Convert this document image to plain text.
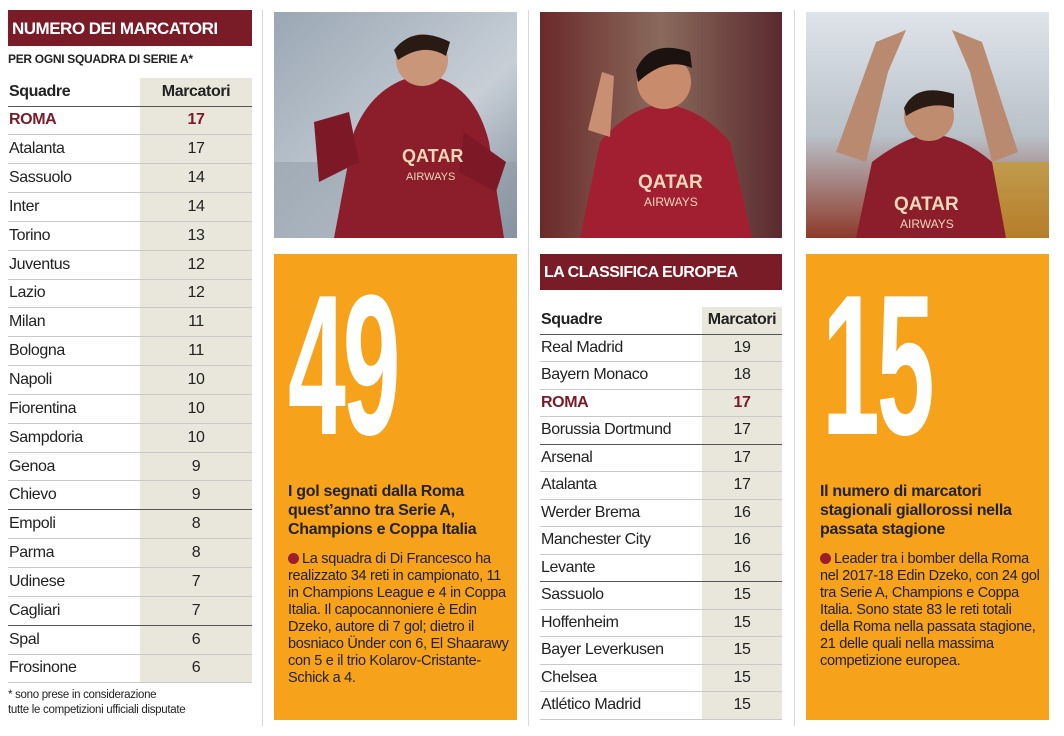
NUMERO DEI MARCATORI
PER OGNI SQUADRA DI SERIE A*
Squadre	Marcatori
ROMA	17
Atalanta	17
Sassuolo	14
Inter	14
Torino	13
Juventus	12
Lazio	12
Milan	11
Bologna	11
Napoli	10
Fiorentina	10
Sampdoria	10
Genoa	9
Chievo	9
Empoli	8
Parma	8
Udinese	7
Cagliari	7
Spal	6
Frosinone	6
* sono prese in considerazione
tutte le competizioni ufficiali disputate
QATAR
AIRWAYS
49
I gol segnati dalla Roma quest’anno tra Serie A, Champions e Coppa Italia
La squadra di Di Francesco ha realizzato 34 reti in campionato, 11 in Champions League e 4 in Coppa Italia. Il capocannoniere è Edin Dzeko, autore di 7 gol; dietro il bosniaco Ünder con 6, El Shaarawy con 5 e il trio Kolarov-Cristante-Schick a 4.
QATAR
AIRWAYS
LA CLASSIFICA EUROPEA
Squadre	Marcatori
Real Madrid	19
Bayern Monaco	18
ROMA	17
Borussia Dortmund	17
Arsenal	17
Atalanta	17
Werder Brema	16
Manchester City	16
Levante	16
Sassuolo	15
Hoffenheim	15
Bayer Leverkusen	15
Chelsea	15
Atlético Madrid	15
QATAR
AIRWAYS
15
Il numero di marcatori stagionali giallorossi nella passata stagione
Leader tra i bomber della Roma nel 2017-18 Edin Dzeko, con 24 gol tra Serie A, Champions e Coppa Italia. Sono state 83 le reti totali della Roma nella passata stagione, 21 delle quali nella massima competizione europea.
